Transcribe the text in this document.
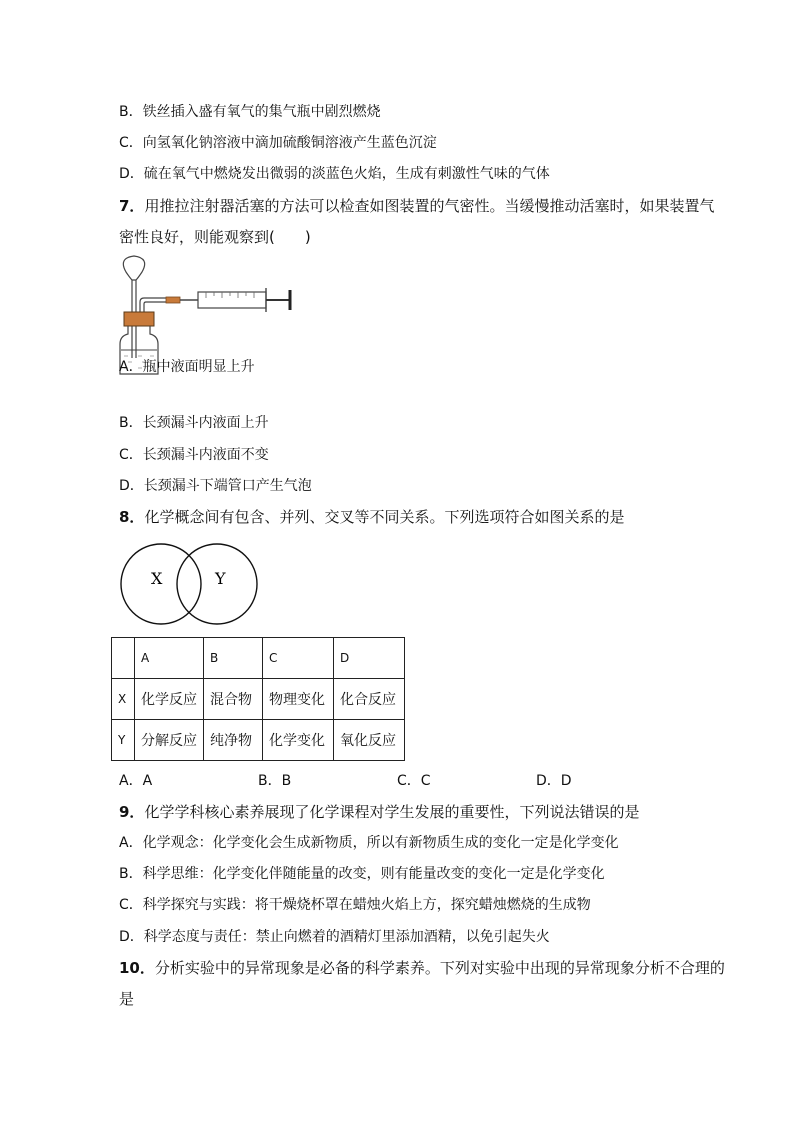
B．铁丝插入盛有氧气的集气瓶中剧烈燃烧
C．向氢氧化钠溶液中滴加硫酸铜溶液产生蓝色沉淀
D．硫在氧气中燃烧发出微弱的淡蓝色火焰，生成有刺激性气味的气体
7．用推拉注射器活塞的方法可以检查如图装置的气密性。当缓慢推动活塞时，如果装置气
密性良好，则能观察到(　　)
A．瓶中液面明显上升
B．长颈漏斗内液面上升
C．长颈漏斗内液面不变
D．长颈漏斗下端管口产生气泡
8．化学概念间有包含、并列、交叉等不同关系。下列选项符合如图关系的是
X	Y
	A	B	C	D
X	化学反应	混合物	物理变化	化合反应
Y	分解反应	纯净物	化学变化	氧化反应
A．A	B．B	C．C	D．D
9．化学学科核心素养展现了化学课程对学生发展的重要性，下列说法错误的是
A．化学观念：化学变化会生成新物质，所以有新物质生成的变化一定是化学变化
B．科学思维：化学变化伴随能量的改变，则有能量改变的变化一定是化学变化
C．科学探究与实践：将干燥烧杯罩在蜡烛火焰上方，探究蜡烛燃烧的生成物
D．科学态度与责任：禁止向燃着的酒精灯里添加酒精，以免引起失火
10．分析实验中的异常现象是必备的科学素养。下列对实验中出现的异常现象分析不合理的
是
